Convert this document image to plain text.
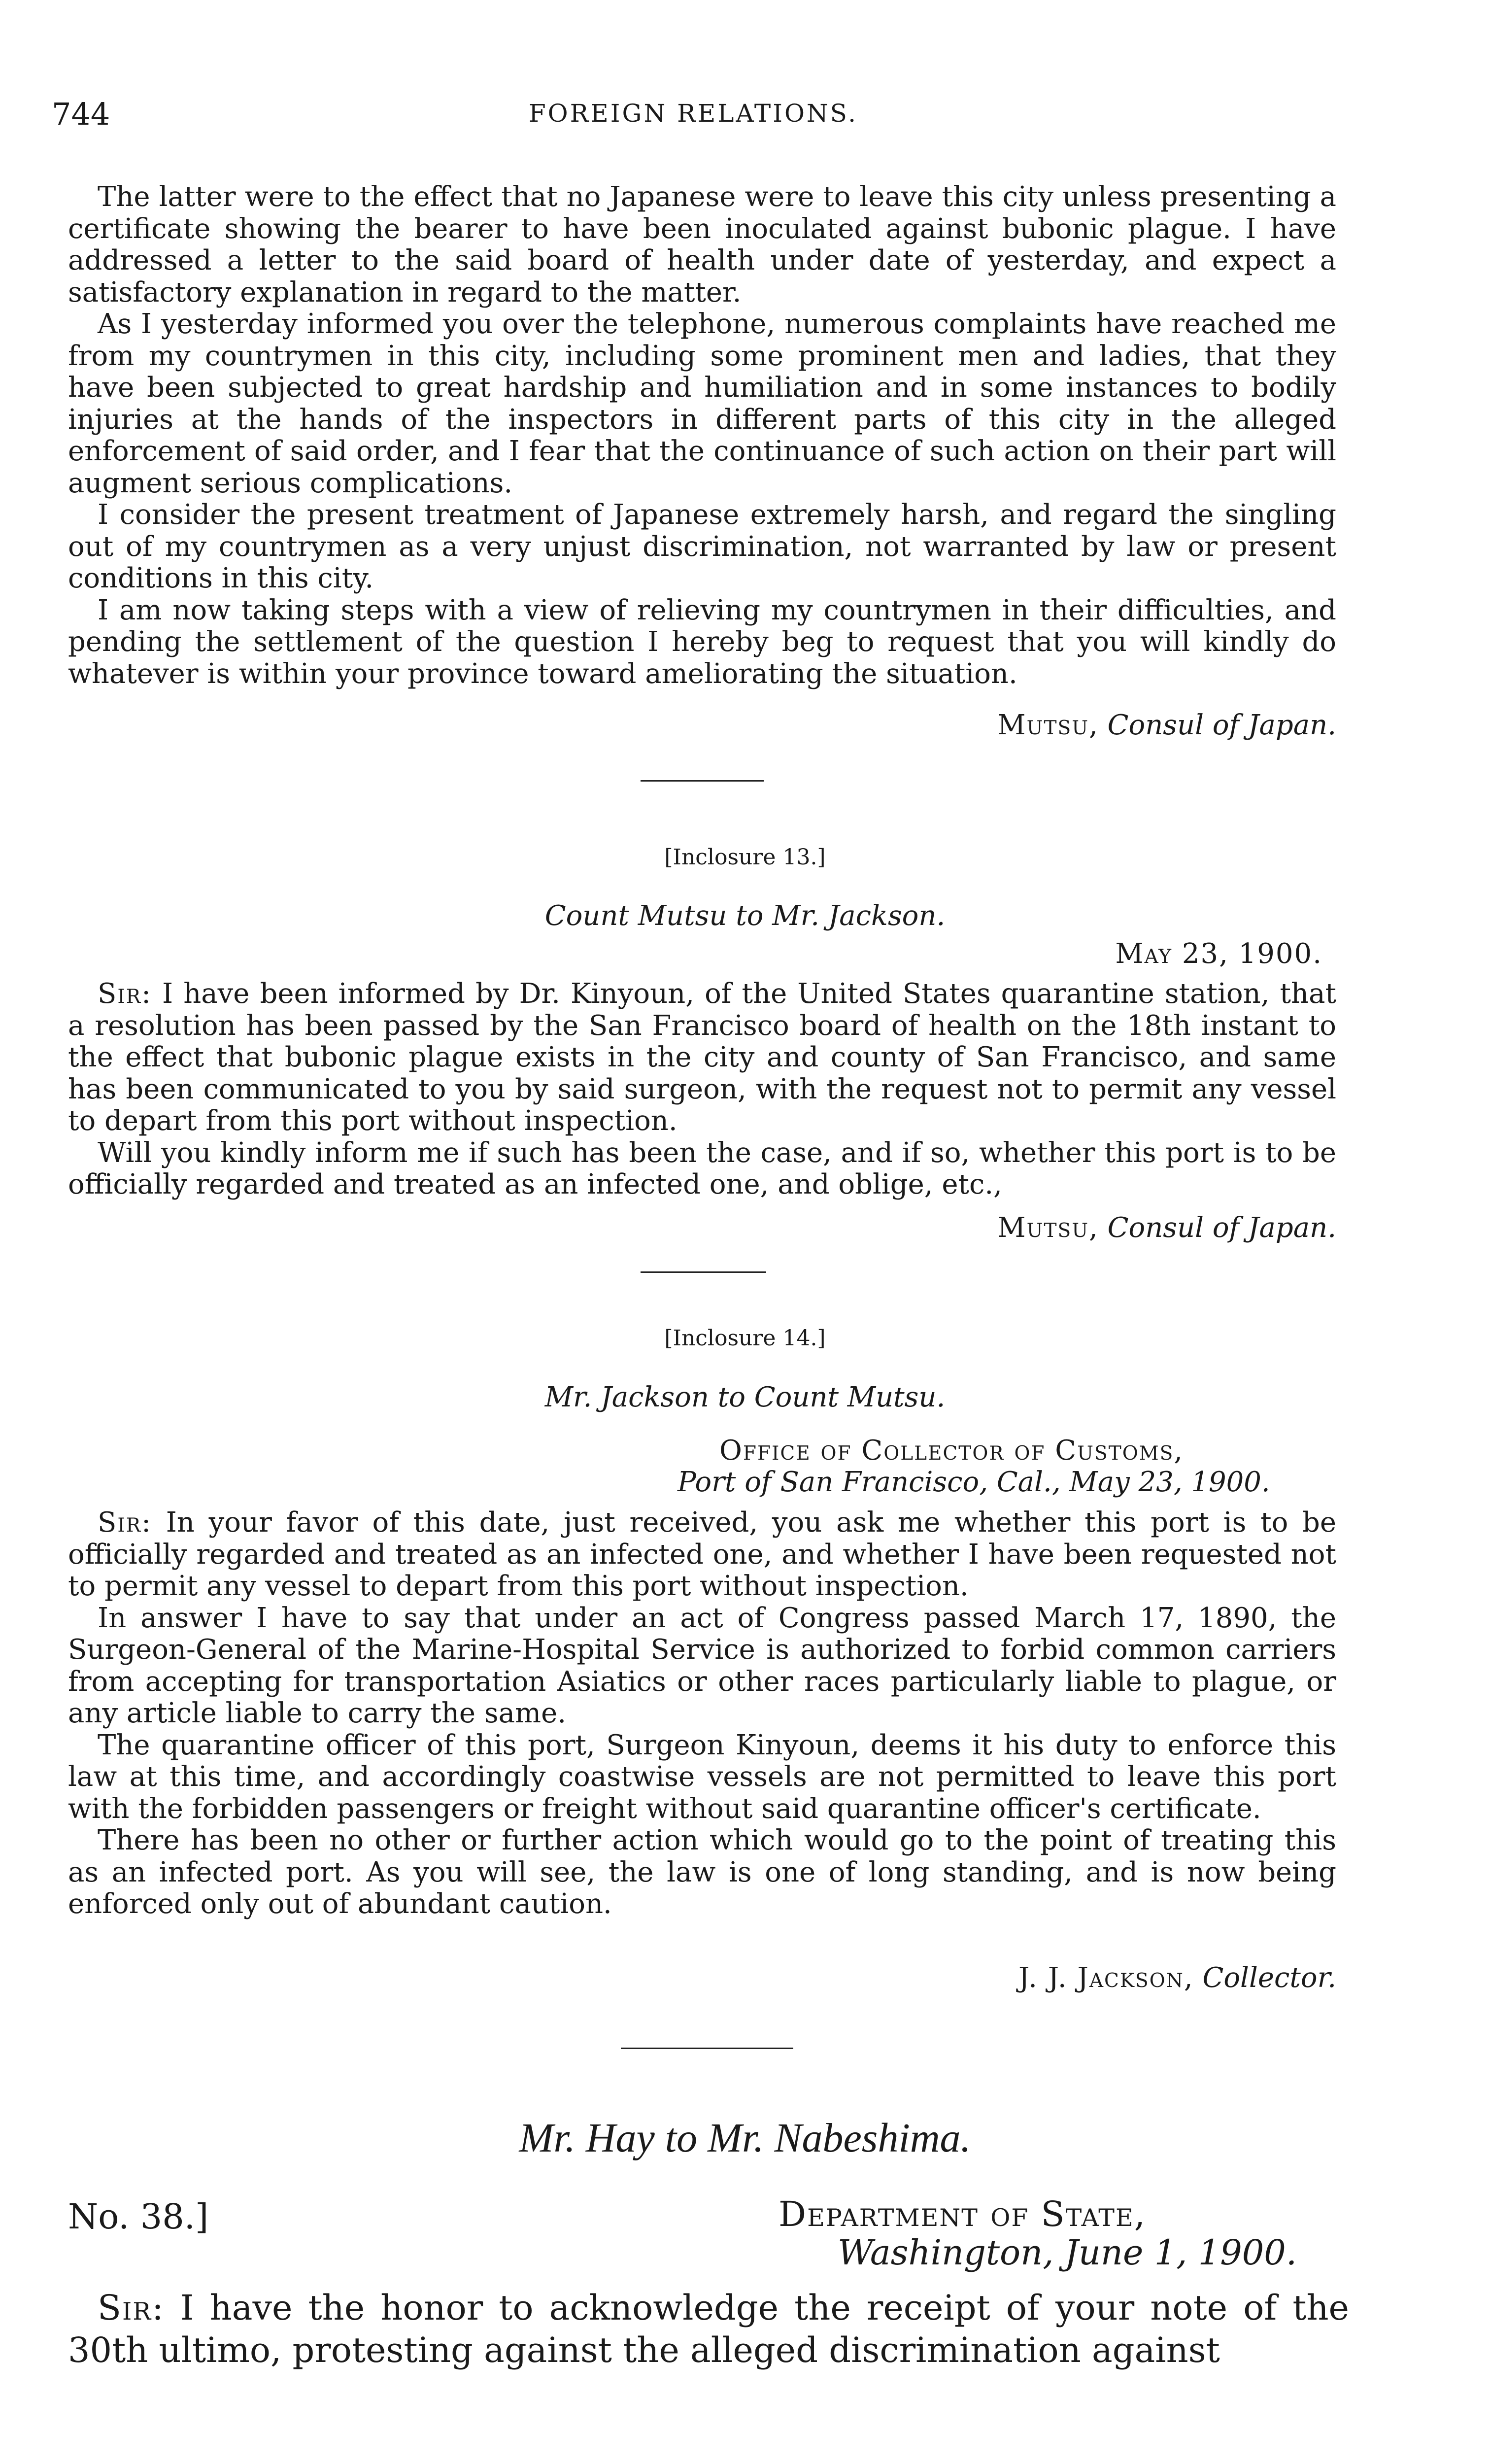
744	FOREIGN RELATIONS.

The latter were to the effect that no Japanese were to leave this city unless presenting a certificate showing the bearer to have been inoculated against bubonic plague. I have addressed a letter to the said board of health under date of yesterday, and expect a satisfactory explanation in regard to the matter.

As I yesterday informed you over the telephone, numerous complaints have reached me from my countrymen in this city, including some prominent men and ladies, that they have been subjected to great hardship and humiliation and in some instances to bodily injuries at the hands of the inspectors in different parts of this city in the alleged enforcement of said order, and I fear that the continuance of such action on their part will augment serious complications.

I consider the present treatment of Japanese extremely harsh, and regard the singling out of my countrymen as a very unjust discrimination, not warranted by law or present conditions in this city.

I am now taking steps with a view of relieving my countrymen in their difficulties, and pending the settlement of the question I hereby beg to request that you will kindly do whatever is within your province toward ameliorating the situation.

Mutsu, Consul of Japan.
[Inclosure 13.]
Count Mutsu to Mr. Jackson.
May 23, 1900.

Sir: I have been informed by Dr. Kinyoun, of the United States quarantine station, that a resolution has been passed by the San Francisco board of health on the 18th instant to the effect that bubonic plague exists in the city and county of San Francisco, and same has been communicated to you by said surgeon, with the request not to permit any vessel to depart from this port without inspection.

Will you kindly inform me if such has been the case, and if so, whether this port is to be officially regarded and treated as an infected one, and oblige, etc.,

Mutsu, Consul of Japan.
[Inclosure 14.]
Mr. Jackson to Count Mutsu.
Office of Collector of Customs,
Port of San Francisco, Cal., May 23, 1900.

Sir: In your favor of this date, just received, you ask me whether this port is to be officially regarded and treated as an infected one, and whether I have been requested not to permit any vessel to depart from this port without inspection.

In answer I have to say that under an act of Congress passed March 17, 1890, the Surgeon-General of the Marine-Hospital Service is authorized to forbid common carriers from accepting for transportation Asiatics or other races particularly liable to plague, or any article liable to carry the same.

The quarantine officer of this port, Surgeon Kinyoun, deems it his duty to enforce this law at this time, and accordingly coastwise vessels are not permitted to leave this port with the forbidden passengers or freight without said quarantine officer's certificate.

There has been no other or further action which would go to the point of treating this as an infected port. As you will see, the law is one of long standing, and is now being enforced only out of abundant caution.

J. J. Jackson, Collector.
Mr. Hay to Mr. Nabeshima.
No. 38.]	Department of State,
Washington, June 1, 1900.

Sir: I have the honor to acknowledge the receipt of your note of the 30th ultimo, protesting against the alleged discrimination against
